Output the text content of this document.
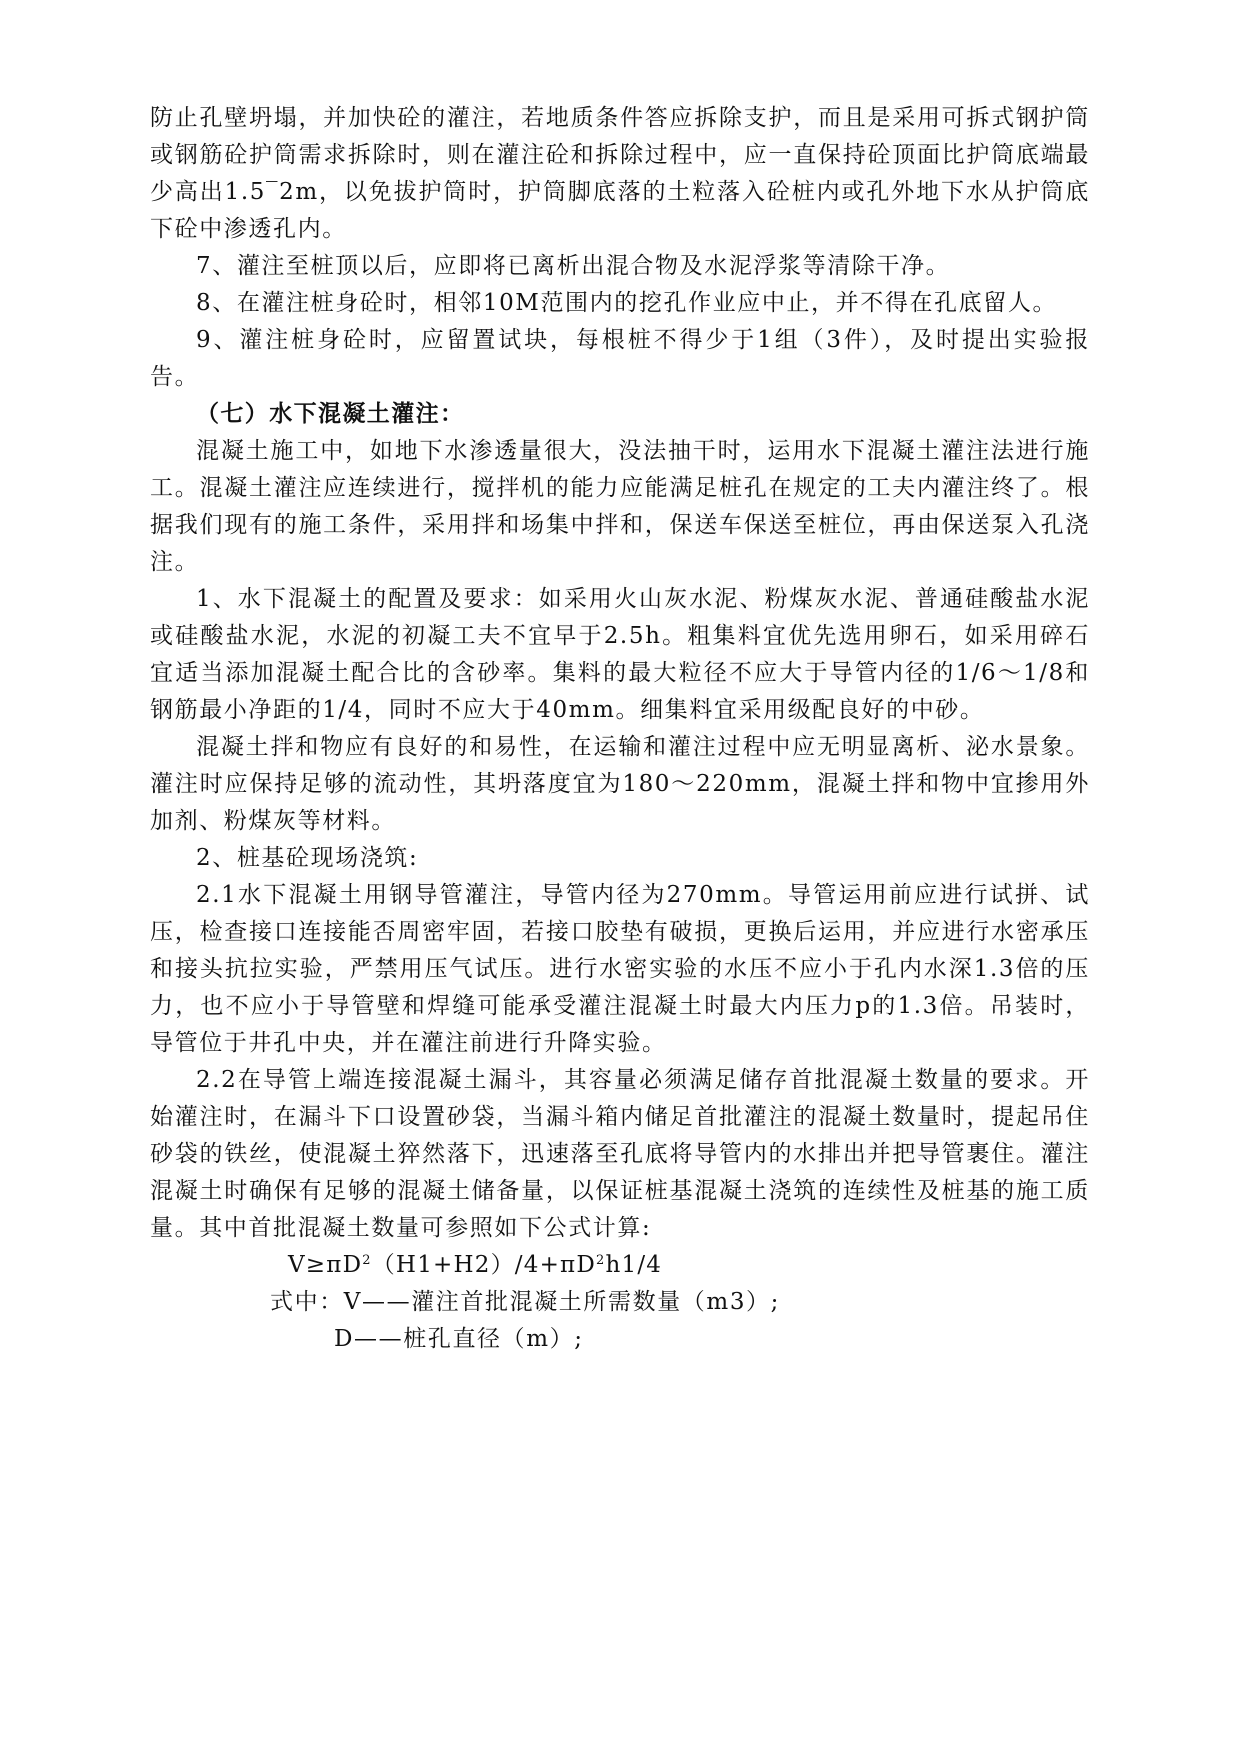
防止孔壁坍塌，并加快砼的灌注，若地质条件答应拆除支护，而且是采用可拆式钢护筒或钢筋砼护筒需求拆除时，则在灌注砼和拆除过程中，应一直保持砼顶面比护筒底端最少高出1.5‾2m，以免拔护筒时，护筒脚底落的土粒落入砼桩内或孔外地下水从护筒底下砼中渗透孔内。

7、灌注至桩顶以后，应即将已离析出混合物及水泥浮浆等清除干净。

8、在灌注桩身砼时，相邻10M范围内的挖孔作业应中止，并不得在孔底留人。

9、灌注桩身砼时，应留置试块，每根桩不得少于1组（3件），及时提出实验报告。

（七）水下混凝土灌注：

混凝土施工中，如地下水渗透量很大，没法抽干时，运用水下混凝土灌注法进行施工。混凝土灌注应连续进行，搅拌机的能力应能满足桩孔在规定的工夫内灌注终了。根据我们现有的施工条件，采用拌和场集中拌和，保送车保送至桩位，再由保送泵入孔浇注。

1、水下混凝土的配置及要求：如采用火山灰水泥、粉煤灰水泥、普通硅酸盐水泥或硅酸盐水泥，水泥的初凝工夫不宜早于2.5h。粗集料宜优先选用卵石，如采用碎石宜适当添加混凝土配合比的含砂率。集料的最大粒径不应大于导管内径的1/6～1/8和钢筋最小净距的1/4，同时不应大于40mm。细集料宜采用级配良好的中砂。

混凝土拌和物应有良好的和易性，在运输和灌注过程中应无明显离析、泌水景象。灌注时应保持足够的流动性，其坍落度宜为180～220mm，混凝土拌和物中宜掺用外加剂、粉煤灰等材料。

2、桩基砼现场浇筑:

2.1水下混凝土用钢导管灌注，导管内径为270mm。导管运用前应进行试拼、试压，检查接口连接能否周密牢固，若接口胶垫有破损，更换后运用，并应进行水密承压和接头抗拉实验，严禁用压气试压。进行水密实验的水压不应小于孔内水深1.3倍的压力，也不应小于导管壁和焊缝可能承受灌注混凝土时最大内压力p的1.3倍。吊装时，导管位于井孔中央，并在灌注前进行升降实验。

2.2在导管上端连接混凝土漏斗，其容量必须满足储存首批混凝土数量的要求。开始灌注时，在漏斗下口设置砂袋，当漏斗箱内储足首批灌注的混凝土数量时，提起吊住砂袋的铁丝，使混凝土猝然落下，迅速落至孔底将导管内的水排出并把导管裹住。灌注混凝土时确保有足够的混凝土储备量，以保证桩基混凝土浇筑的连续性及桩基的施工质量。其中首批混凝土数量可参照如下公式计算:

$V\ge\pi D^2(H1+H2)/4+\pi D^2h1/4$

式中：V——灌注首批混凝土所需数量（m3）;

D——桩孔直径（m）;
